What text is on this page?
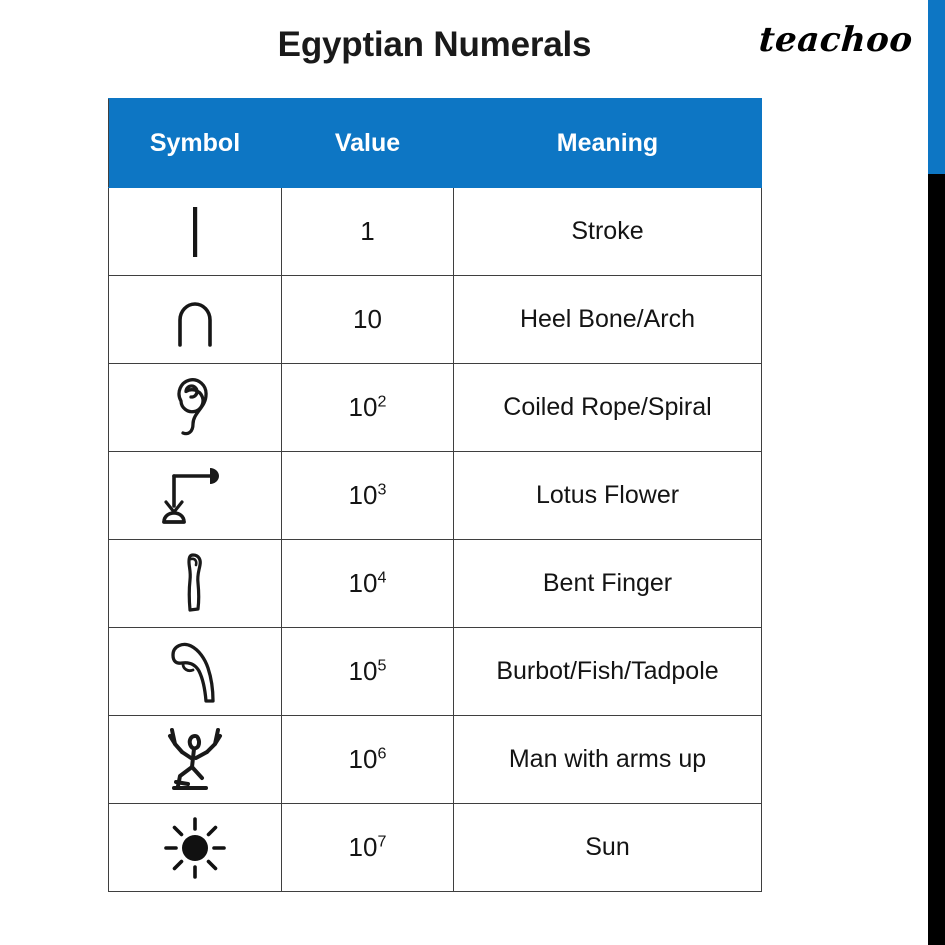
Egyptian Numerals	teachoo
Symbol	Value	Meaning
	1	Stroke
	10	Heel Bone/Arch
	$10^2$	Coiled Rope/Spiral
	$10^3$	Lotus Flower
	$10^4$	Bent Finger
	$10^5$	Burbot/Fish/Tadpole
	$10^6$	Man with arms up
	$10^7$	Sun
